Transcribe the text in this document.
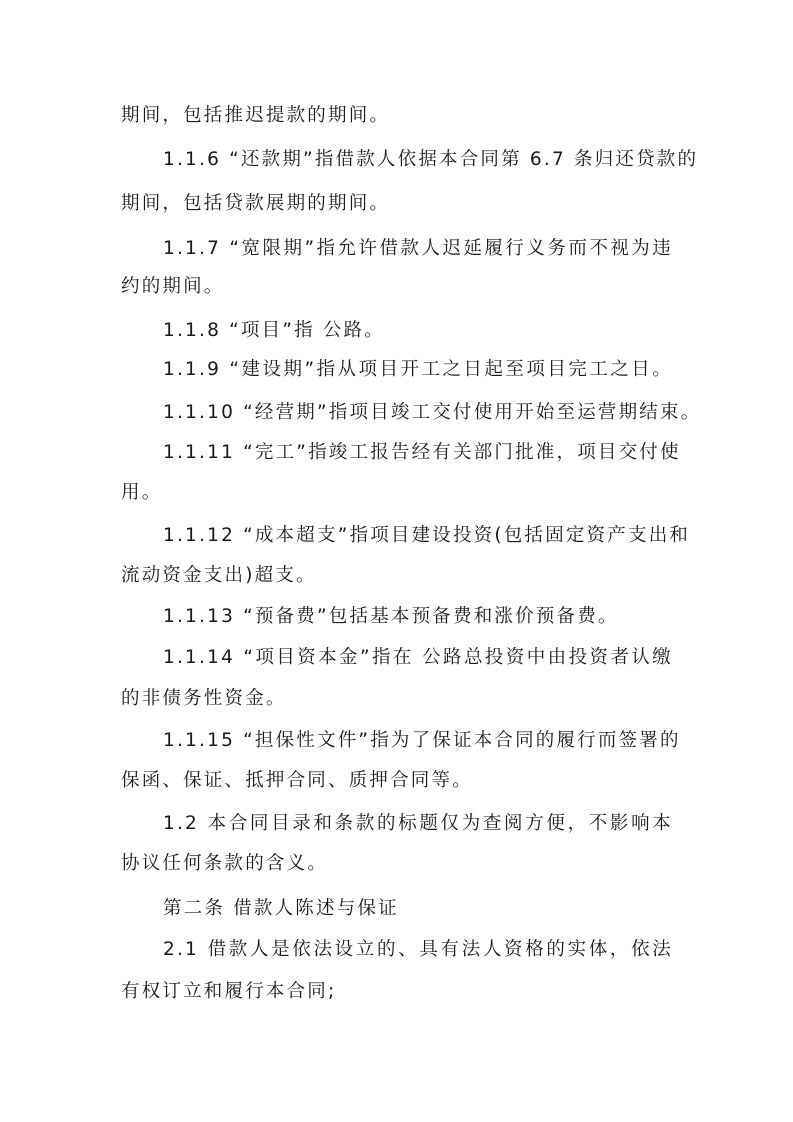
期间，包括推迟提款的期间。
1.1.6 “还款期”指借款人依据本合同第 6.7 条归还贷款的
期间，包括贷款展期的期间。
1.1.7 “宽限期”指允许借款人迟延履行义务而不视为违
约的期间。
1.1.8 “项目”指 公路。
1.1.9 “建设期”指从项目开工之日起至项目完工之日。
1.1.10 “经营期”指项目竣工交付使用开始至运营期结束。
1.1.11 “完工”指竣工报告经有关部门批准，项目交付使
用。
1.1.12 “成本超支”指项目建设投资(包括固定资产支出和
流动资金支出)超支。
1.1.13 “预备费”包括基本预备费和涨价预备费。
1.1.14 “项目资本金”指在 公路总投资中由投资者认缴
的非债务性资金。
1.1.15 “担保性文件”指为了保证本合同的履行而签署的
保函、保证、抵押合同、质押合同等。
1.2 本合同目录和条款的标题仅为查阅方便，不影响本
协议任何条款的含义。
第二条 借款人陈述与保证
2.1 借款人是依法设立的、具有法人资格的实体，依法
有权订立和履行本合同;
